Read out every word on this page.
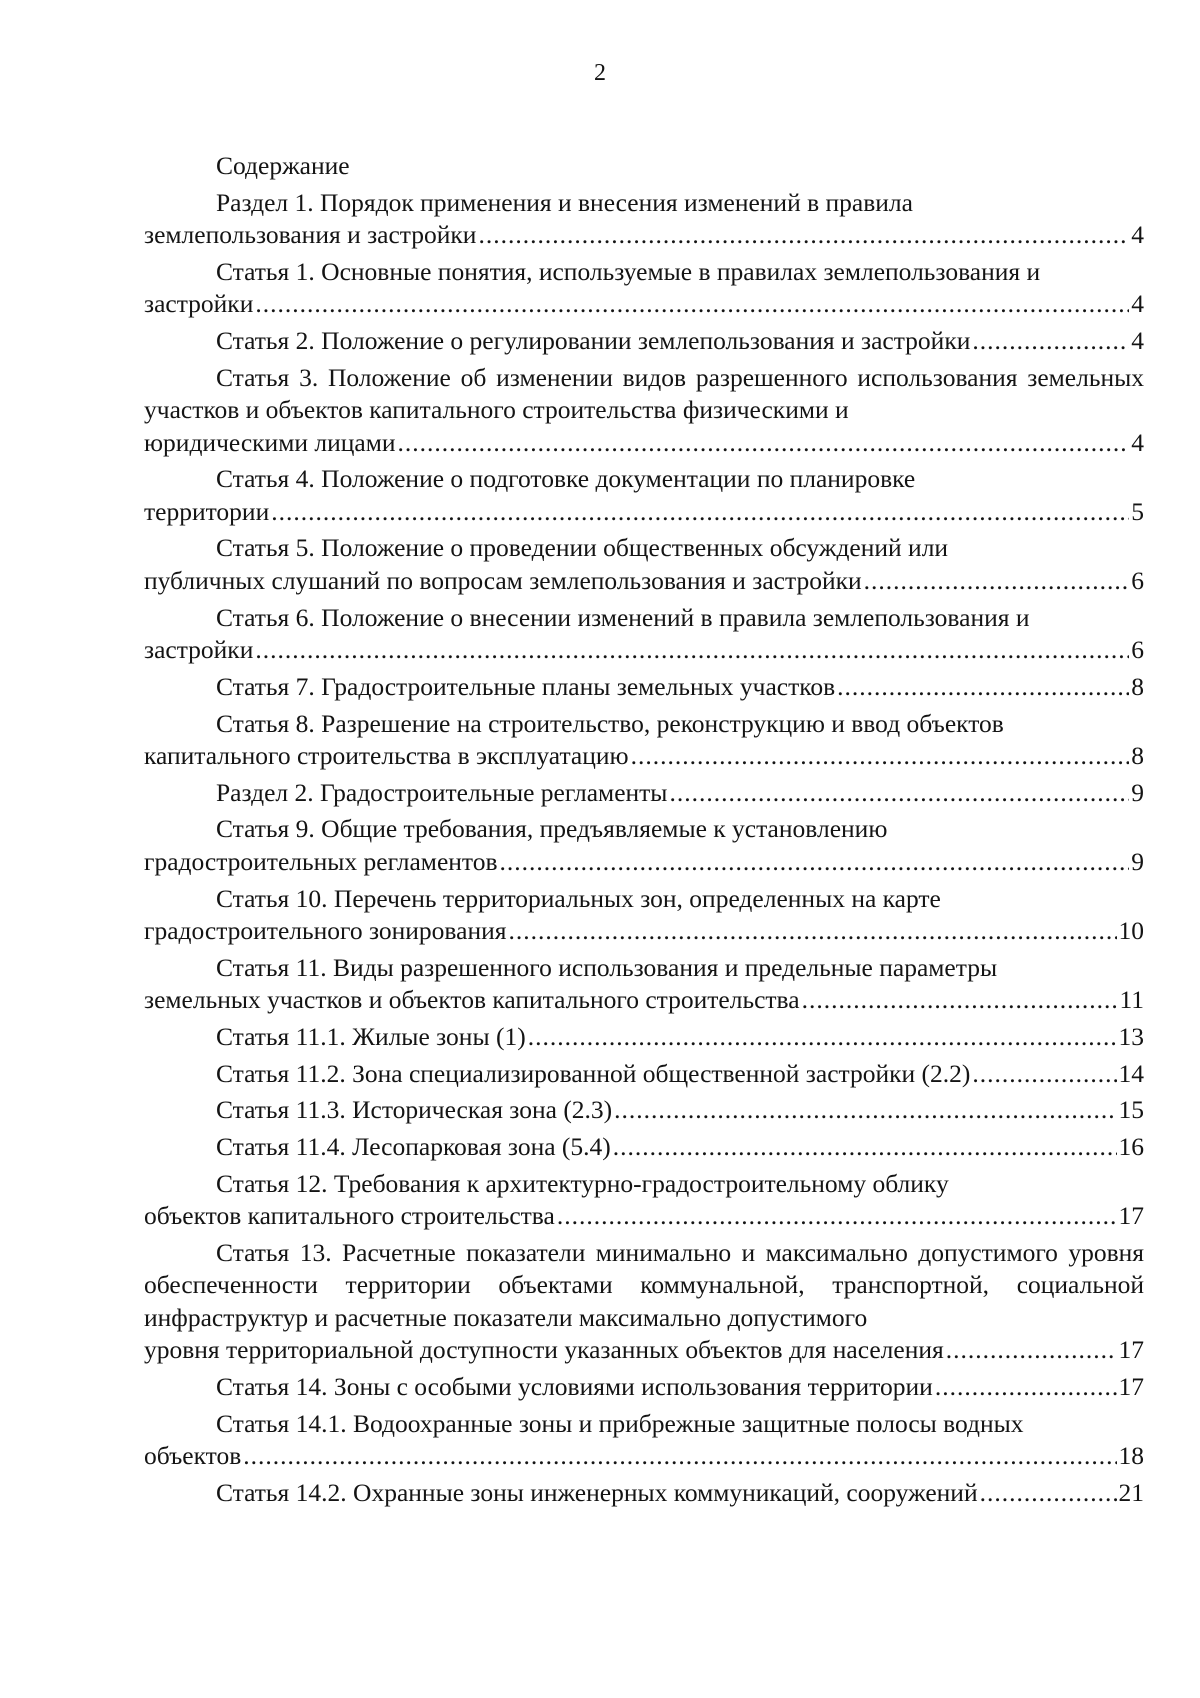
2
Содержание
Раздел 1. Порядок применения и внесения изменений в правила
землепользования и застройки .....	4
Статья 1. Основные понятия, используемые в правилах землепользования и
застройки .....	4
Статья 2. Положение о регулировании землепользования и застройки .....	4
Статья 3. Положение об изменении видов разрешенного использования земельных участков и объектов капитального строительства физическими и
юридическими лицами .....	4
Статья 4. Положение о подготовке документации по планировке
территории .....	5
Статья 5. Положение о проведении общественных обсуждений или
публичных слушаний по вопросам землепользования и застройки .....	6
Статья 6. Положение о внесении изменений в правила землепользования и
застройки .....	6
Статья 7. Градостроительные планы земельных участков .....	8
Статья 8. Разрешение на строительство, реконструкцию и ввод объектов
капитального строительства в эксплуатацию .....	8
Раздел 2. Градостроительные регламенты .....	9
Статья 9. Общие требования, предъявляемые к установлению
градостроительных регламентов .....	9
Статья 10. Перечень территориальных зон, определенных на карте
градостроительного зонирования .....	10
Статья 11. Виды разрешенного использования и предельные параметры
земельных участков и объектов капитального строительства .....	11
Статья 11.1. Жилые зоны (1) .....	13
Статья 11.2. Зона специализированной общественной застройки (2.2) .....	14
Статья 11.3. Историческая зона (2.3) .....	15
Статья 11.4. Лесопарковая зона (5.4) .....	16
Статья 12. Требования к архитектурно-градостроительному облику
объектов капитального строительства .....	17
Статья 13. Расчетные показатели минимально и максимально допустимого уровня обеспеченности территории объектами коммунальной, транспортной, социальной инфраструктур и расчетные показатели максимально допустимого
уровня территориальной доступности указанных объектов для населения .....	17
Статья 14. Зоны с особыми условиями использования территории .....	17
Статья 14.1. Водоохранные зоны и прибрежные защитные полосы водных
объектов .....	18
Статья 14.2. Охранные зоны инженерных коммуникаций, сооружений .....	21
